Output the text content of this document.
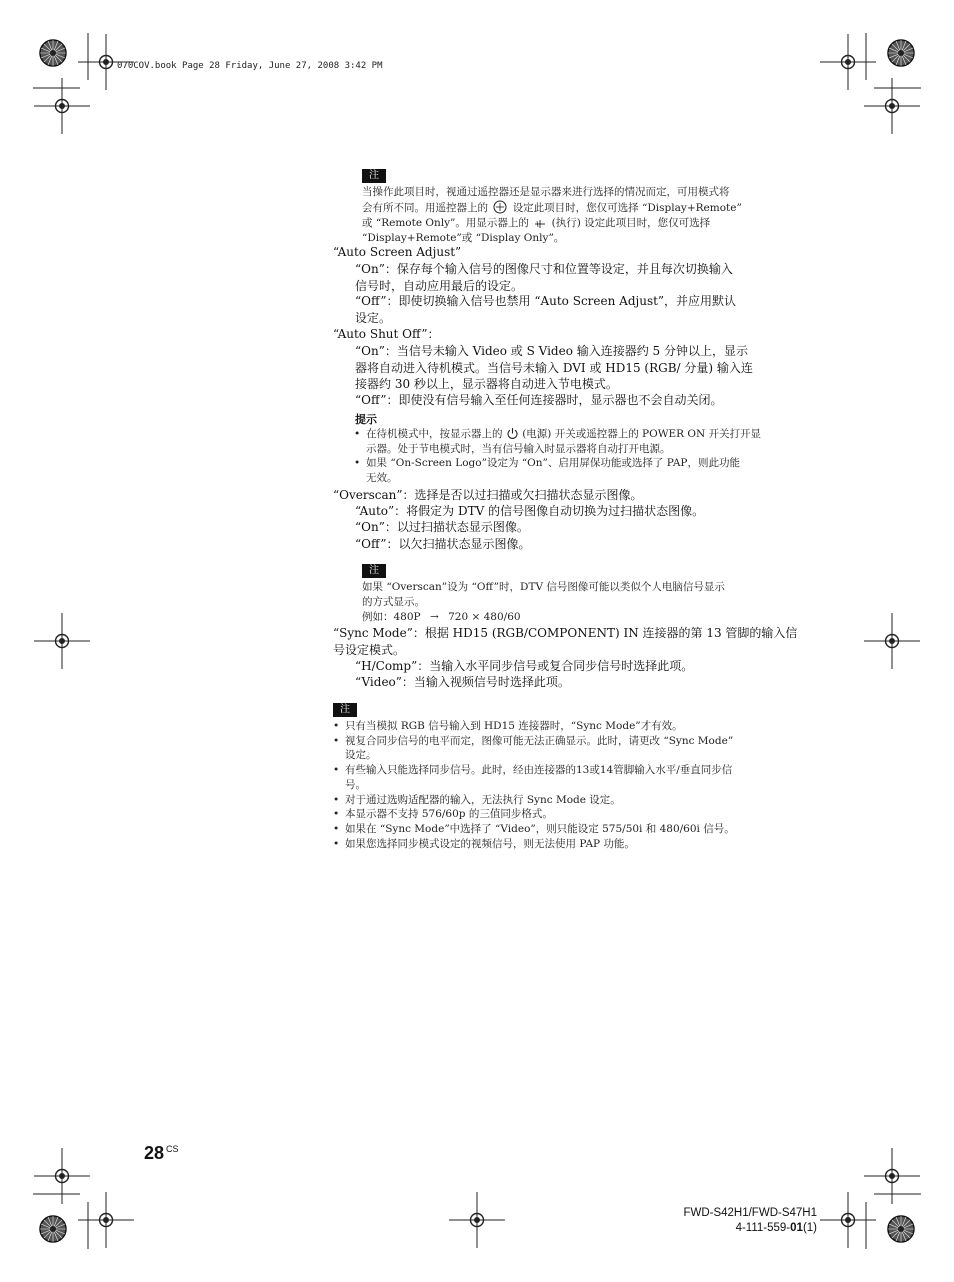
070COV.book Page 28 Friday, June 27, 2008 3:42 PM
注
当操作此项目时，视通过遥控器还是显示器来进行选择的情况而定，可用模式将
会有所不同。用遥控器上的 设定此项目时，您仅可选择 “Display+Remote”
或 “Remote Only”。用显示器上的 (执行) 设定此项目时，您仅可选择
“Display+Remote”或 “Display Only”。
“Auto Screen Adjust”
“On”：保存每个输入信号的图像尺寸和位置等设定，并且每次切换输入
信号时，自动应用最后的设定。
“Off”：即使切换输入信号也禁用 “Auto Screen Adjust”，并应用默认
设定。
“Auto Shut Off”：
“On”：当信号未输入 Video 或 S Video 输入连接器约 5 分钟以上，显示
器将自动进入待机模式。当信号未输入 DVI 或 HD15 (RGB/ 分量) 输入连
接器约 30 秒以上，显示器将自动进入节电模式。
“Off”：即使没有信号输入至任何连接器时，显示器也不会自动关闭。
提示
• 在待机模式中，按显示器上的 (电源) 开关或遥控器上的 POWER ON 开关打开显
示器。处于节电模式时，当有信号输入时显示器将自动打开电源。
• 如果 “On-Screen Logo”设定为 “On”、启用屏保功能或选择了 PAP，则此功能
无效。
“Overscan”：选择是否以过扫描或欠扫描状态显示图像。
“Auto”：将假定为 DTV 的信号图像自动切换为过扫描状态图像。
“On”：以过扫描状态显示图像。
“Off”：以欠扫描状态显示图像。
注
如果 “Overscan”设为 “Off”时，DTV 信号图像可能以类似个人电脑信号显示
的方式显示。
例如：480P → 720 × 480/60
“Sync Mode”：根据 HD15 (RGB/COMPONENT) IN 连接器的第 13 管脚的输入信
号设定模式。
“H/Comp”：当输入水平同步信号或复合同步信号时选择此项。
“Video”：当输入视频信号时选择此项。
注
• 只有当模拟 RGB 信号输入到 HD15 连接器时，“Sync Mode”才有效。
• 视复合同步信号的电平而定，图像可能无法正确显示。此时，请更改 “Sync Mode”
设定。
• 有些输入只能选择同步信号。此时，经由连接器的13或14管脚输入水平/垂直同步信
号。
• 对于通过选购适配器的输入，无法执行 Sync Mode 设定。
• 本显示器不支持 576/60p 的三值同步格式。
• 如果在 “Sync Mode”中选择了 “Video”，则只能设定 575/50i 和 480/60i 信号。
• 如果您选择同步模式设定的视频信号，则无法使用 PAP 功能。
28 $^{CS}$
FWD-S42H1/FWD-S47H1
4-111-559-01(1)
